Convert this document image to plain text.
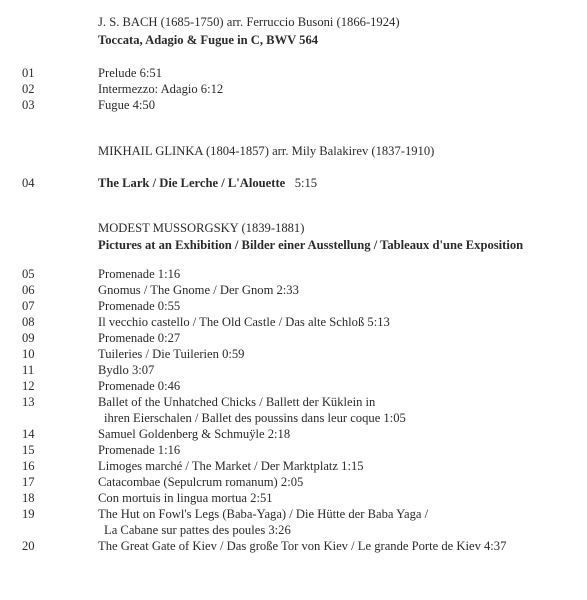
J. S. BACH (1685-1750) arr. Ferruccio Busoni (1866-1924)
Toccata, Adagio & Fugue in C, BWV 564
01	Prelude 6:51
02	Intermezzo: Adagio 6:12
03	Fugue 4:50
MIKHAIL GLINKA (1804-1857) arr. Mily Balakirev (1837-1910)
04	The Lark / Die Lerche / L'Alouette 5:15
MODEST MUSSORGSKY (1839-1881)
Pictures at an Exhibition / Bilder einer Ausstellung / Tableaux d'une Exposition
05	Promenade 1:16
06	Gnomus / The Gnome / Der Gnom 2:33
07	Promenade 0:55
08	Il vecchio castello / The Old Castle / Das alte Schloß 5:13
09	Promenade 0:27
10	Tuileries / Die Tuilerien 0:59
11	Bydlo 3:07
12	Promenade 0:46
13	Ballet of the Unhatched Chicks / Ballett der Küklein in
ihren Eierschalen / Ballet des poussins dans leur coque 1:05
14	Samuel Goldenberg & Schmuÿle 2:18
15	Promenade 1:16
16	Limoges marché / The Market / Der Marktplatz 1:15
17	Catacombae (Sepulcrum romanum) 2:05
18	Con mortuis in lingua mortua 2:51
19	The Hut on Fowl's Legs (Baba-Yaga) / Die Hütte der Baba Yaga /
La Cabane sur pattes des poules 3:26
20	The Great Gate of Kiev / Das große Tor von Kiev / Le grande Porte de Kiev 4:37
